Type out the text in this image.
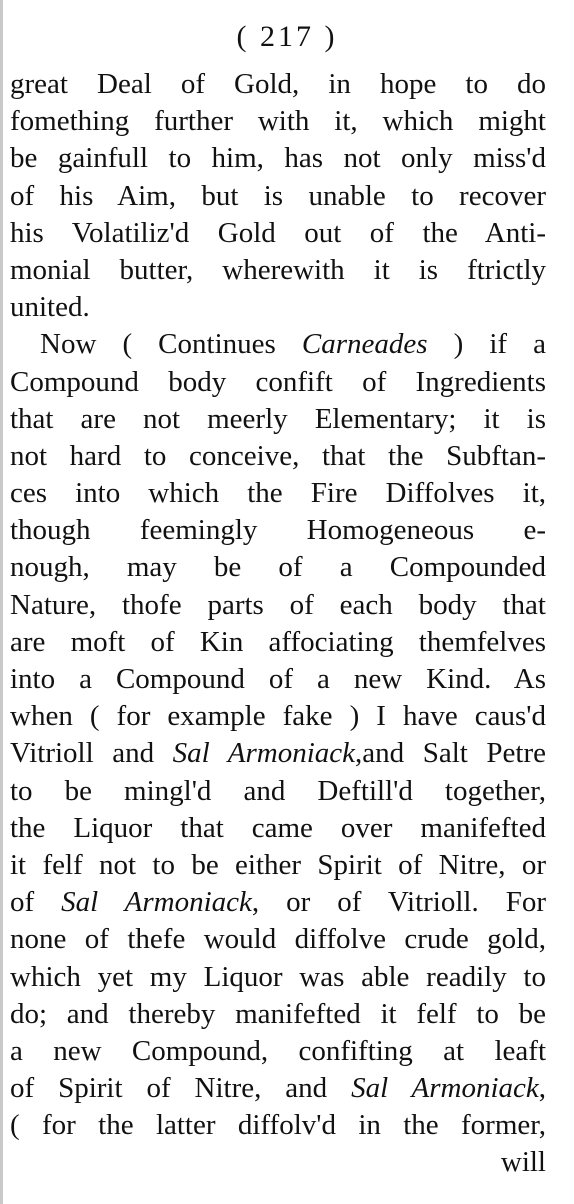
( 217 )
great Deal of Gold, in hope to do
fomething further with it, which might
be gainfull to him, has not only miss'd
of his Aim, but is unable to recover
his Volatiliz'd Gold out of the Anti-
monial butter, wherewith it is ftrictly
united.
Now ( Continues Carneades ) if a
Compound body confift of Ingredients
that are not meerly Elementary; it is
not hard to conceive, that the Subftan-
ces into which the Fire Diffolves it,
though feemingly Homogeneous e-
nough, may be of a Compounded
Nature, thofe parts of each body that
are moft of Kin affociating themfelves
into a Compound of a new Kind. As
when ( for example fake ) I have caus'd
Vitrioll and Sal Armoniack,and Salt Petre
to be mingl'd and Deftill'd together,
the Liquor that came over manifefted
it felf not to be either Spirit of Nitre, or
of Sal Armoniack, or of Vitrioll. For
none of thefe would diffolve crude gold,
which yet my Liquor was able readily to
do; and thereby manifefted it felf to be
a new Compound, confifting at leaft
of Spirit of Nitre, and Sal Armoniack,
( for the latter diffolv'd in the former,
will
